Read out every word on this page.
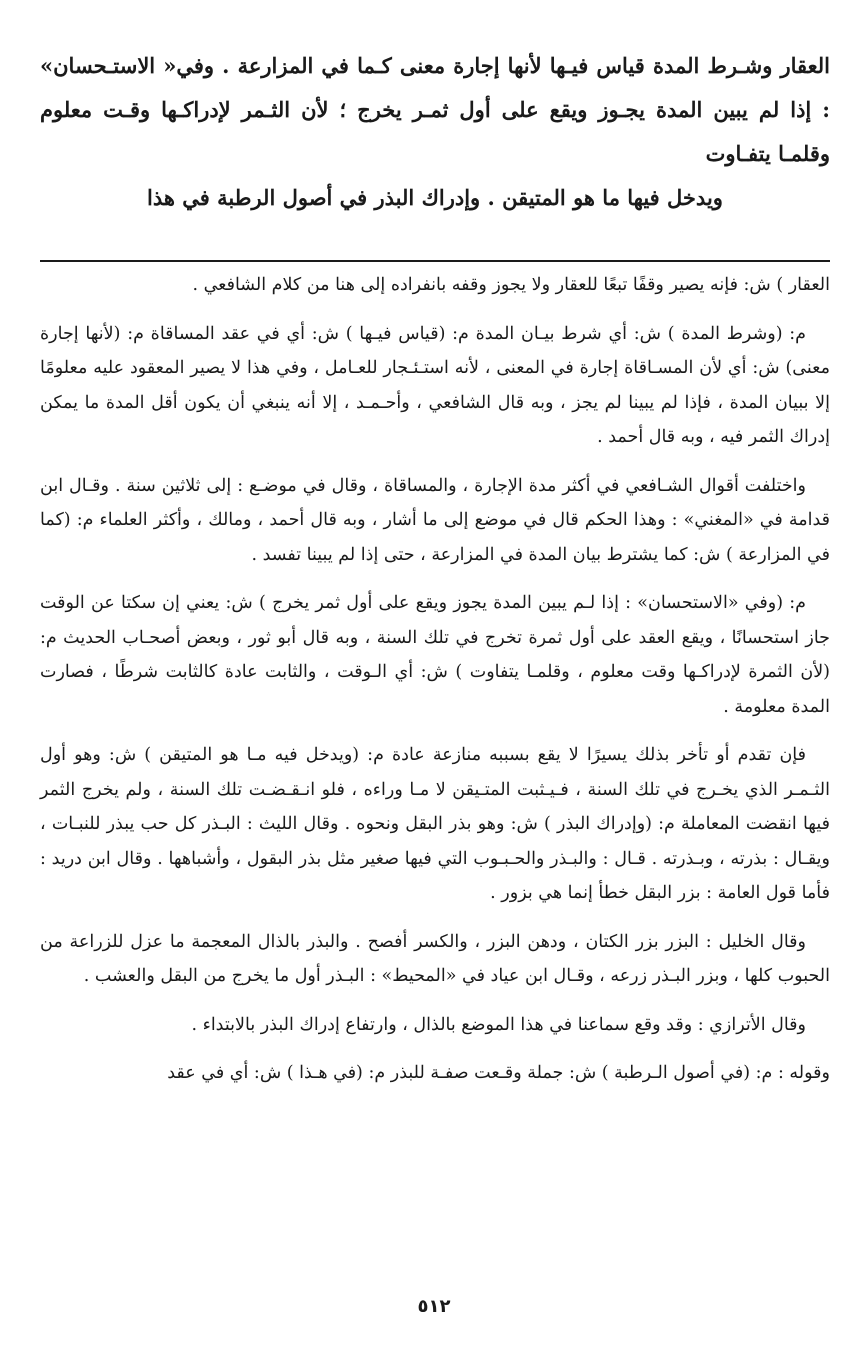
العقار وشـرط المدة قياس فيـها لأنها إجارة معنى كـما في المزارعة . وفي« الاستـحسان» : إذا لم يبين المدة يجـوز ويقع على أول ثمـر يخرج ؛ لأن الثـمر لإدراكـها وقـت معلوم وقلمـا يتفـاوت
ويدخل فيها ما هو المتيقن . وإدراك البذر في أصول الرطبة في هذا

العقار ) ش: فإنه يصير وقفًا تبعًا للعقار ولا يجوز وقفه بانفراده إلى هنا من كلام الشافعي .

م: (وشرط المدة ) ش: أي شرط بيـان المدة م: (قياس فيـها ) ش: أي في عقد المساقاة م: (لأنها إجارة معنى) ش: أي لأن المسـاقاة إجارة في المعنى ، لأنه استـئـجار للعـامل ، وفي هذا لا يصير المعقود عليه معلومًا إلا ببيان المدة ، فإذا لم يبينا لم يجز ، وبه قال الشافعي ، وأحـمـد ، إلا أنه ينبغي أن يكون أقل المدة ما يمكن إدراك الثمر فيه ، وبه قال أحمد .

واختلفت أقوال الشـافعي في أكثر مدة الإجارة ، والمساقاة ، وقال في موضـع : إلى ثلاثين سنة . وقـال ابن قدامة في «المغني» : وهذا الحكم قال في موضع إلى ما أشار ، وبه قال أحمد ، ومالك ، وأكثر العلماء م: (كما في المزارعة ) ش: كما يشترط بيان المدة في المزارعة ، حتى إذا لم يبينا تفسد .

م: (وفي «الاستحسان» : إذا لـم يبين المدة يجوز ويقع على أول ثمر يخرج ) ش: يعني إن سكتا عن الوقت جاز استحسانًا ، ويقع العقد على أول ثمرة تخرج في تلك السنة ، وبه قال أبو ثور ، وبعض أصحـاب الحديث م: (لأن الثمرة لإدراكـها وقت معلوم ، وقلمـا يتفاوت ) ش: أي الـوقت ، والثابت عادة كالثابت شرطًا ، فصارت المدة معلومة .

فإن تقدم أو تأخر بذلك يسيرًا لا يقع بسببه منازعة عادة م: (ويدخل فيه مـا هو المتيقن ) ش: وهو أول الثـمـر الذي يخـرج في تلك السنة ، فـيـثبت المتـيقن لا مـا وراءه ، فلو انـقـضـت تلك السنة ، ولم يخرج الثمر فيها انقضت المعاملة م: (وإدراك البذر ) ش: وهو بذر البقل ونحوه . وقال الليث : البـذر كل حب يبذر للنبـات ، ويقـال : بذرته ، وبـذرته . قـال : والبـذر والحـبـوب التي فيها صغير مثل بذر البقول ، وأشباهها . وقال ابن دريد : فأما قول العامة : بزر البقل خطأ إنما هي بزور .

وقال الخليل : البزر بزر الكتان ، ودهن البزر ، والكسر أفصح . والبذر بالذال المعجمة ما عزل للزراعة من الحبوب كلها ، وبزر البـذر زرعه ، وقـال ابن عياد في «المحيط» : البـذر أول ما يخرج من البقل والعشب .

وقال الأترازي : وقد وقع سماعنا في هذا الموضع بالذال ، وارتفاع إدراك البذر بالابتداء .

وقوله : م: (في أصول الـرطبة ) ش: جملة وقـعت صفـة للبذر م: (في هـذا ) ش: أي في عقد

٥١٢
